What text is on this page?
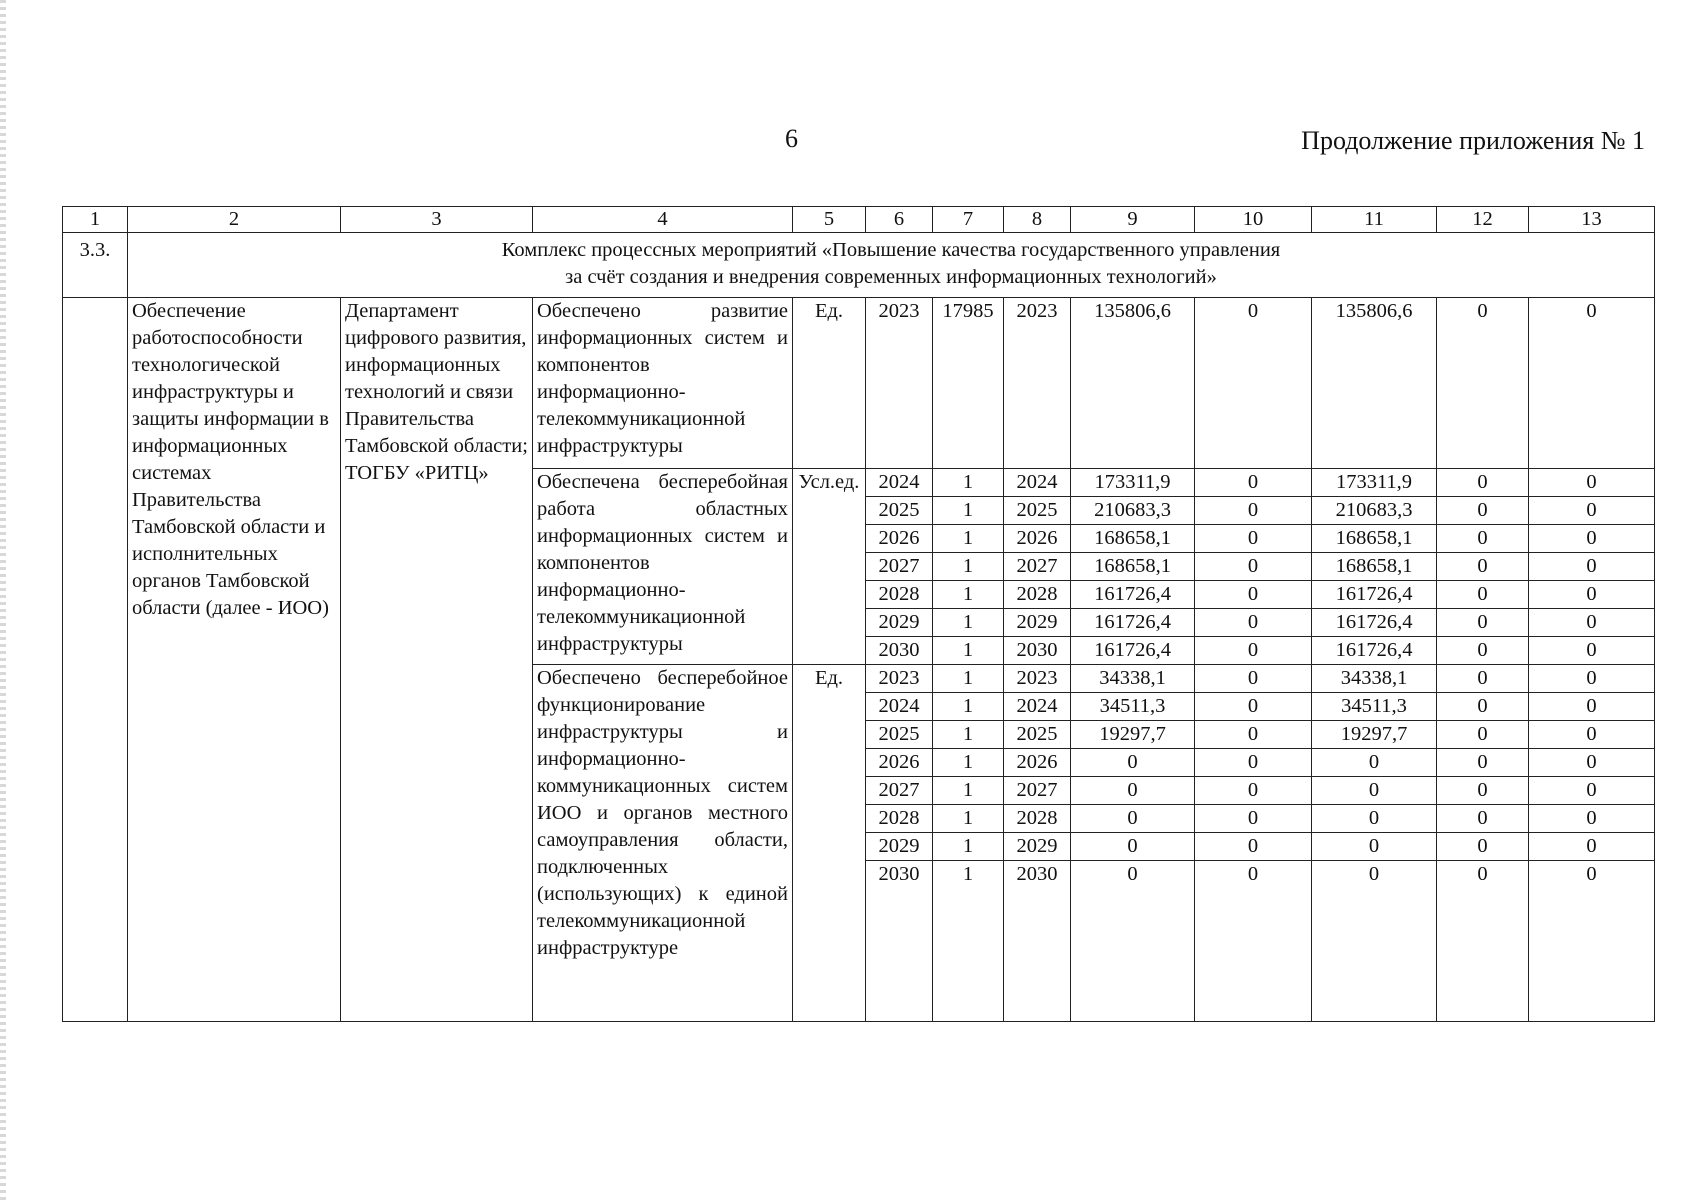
6	Продолжение приложения № 1
1	2	3	4	5	6	7	8	9	10	11	12	13
3.3.	Комплекс процессных мероприятий «Повышение качества государственного управления
за счёт создания и внедрения современных информационных технологий»											

	Обеспечение работоспособности технологической инфраструктуры и защиты информации в информационных системах Правительства Тамбовской области и исполнительных органов Тамбовской области (далее - ИОО)	Департамент цифрового развития, информационных технологий и связи Правительства Тамбовской области; ТОГБУ «РИТЦ»	Обеспечено развитие информационных систем и компонентов информационно-телекоммуникационной инфраструктуры	Ед.	2023	17985	2023	135806,6	0	135806,6	0	0
			Обеспечена бесперебойная работа областных информационных систем и компонентов информационно-телекоммуникационной инфраструктуры	Усл.ед.	2024	1	2024	173311,9	0	173311,9	0	0
					2025	1	2025	210683,3	0	210683,3	0	0
					2026	1	2026	168658,1	0	168658,1	0	0
					2027	1	2027	168658,1	0	168658,1	0	0
					2028	1	2028	161726,4	0	161726,4	0	0
					2029	1	2029	161726,4	0	161726,4	0	0
					2030	1	2030	161726,4	0	161726,4	0	0
			Обеспечено бесперебойное функционирование инфраструктуры и информационно-коммуникационных систем ИОО и органов местного самоуправления области, подключенных (использующих) к единой телекоммуникационной инфраструктуре	Ед.	2023	1	2023	34338,1	0	34338,1	0	0
					2024	1	2024	34511,3	0	34511,3	0	0
					2025	1	2025	19297,7	0	19297,7	0	0
					2026	1	2026	0	0	0	0	0
					2027	1	2027	0	0	0	0	0
					2028	1	2028	0	0	0	0	0
					2029	1	2029	0	0	0	0	0
					2030	1	2030	0	0	0	0	0
